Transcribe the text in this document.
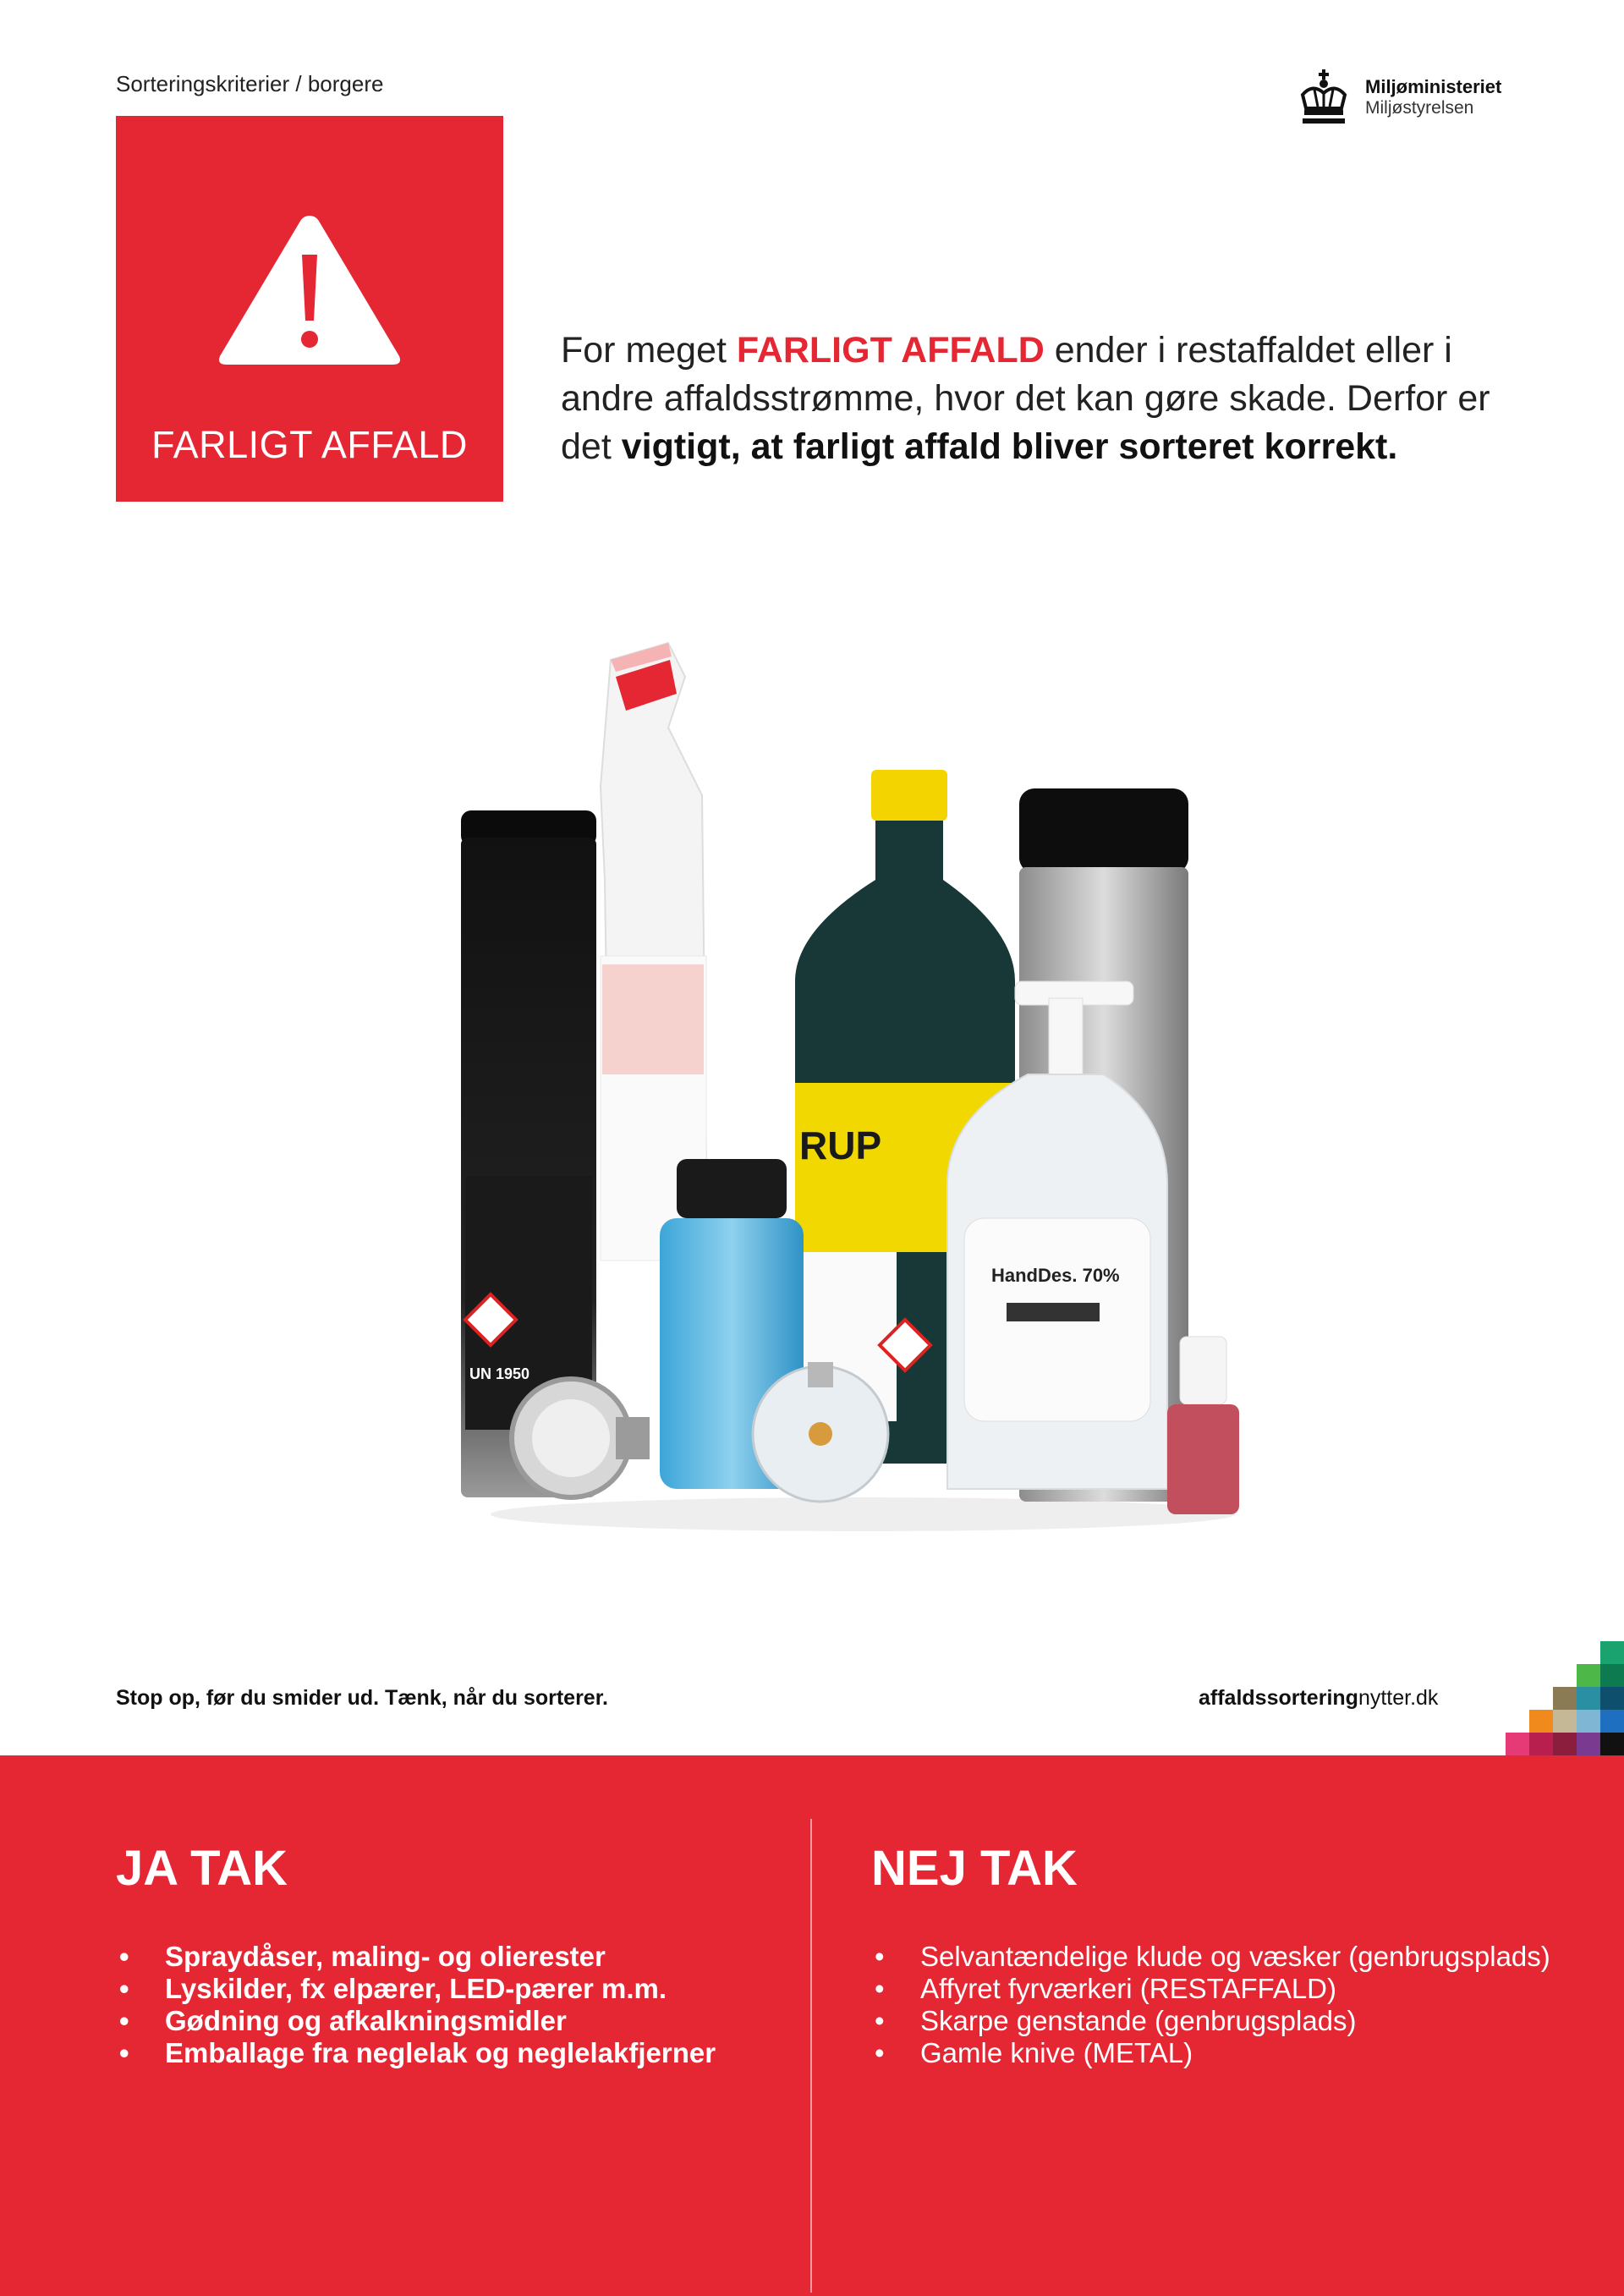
Sorteringskriterier / borgere	Miljøministeriet
Miljøstyrelsen
FARLIGT AFFALD
For meget FARLIGT AFFALD ender i restaffaldet eller i andre affaldsstrømme, hvor det kan gøre skade. Derfor er det vigtigt, at farligt affald bliver sorteret korrekt.
UN 1950
RUP
HandDes. 70%
Stop op, før du smider ud. Tænk, når du sorterer.	affaldssorteringnytter.dk
JA TAK
• Spraydåser, maling- og olierester
• Lyskilder, fx elpærer, LED-pærer m.m.
• Gødning og afkalkningsmidler
• Emballage fra neglelak og neglelakfjerner
NEJ TAK
• Selvantændelige klude og væsker (genbrugsplads)
• Affyret fyrværkeri (RESTAFFALD)
• Skarpe genstande (genbrugsplads)
• Gamle knive (METAL)
